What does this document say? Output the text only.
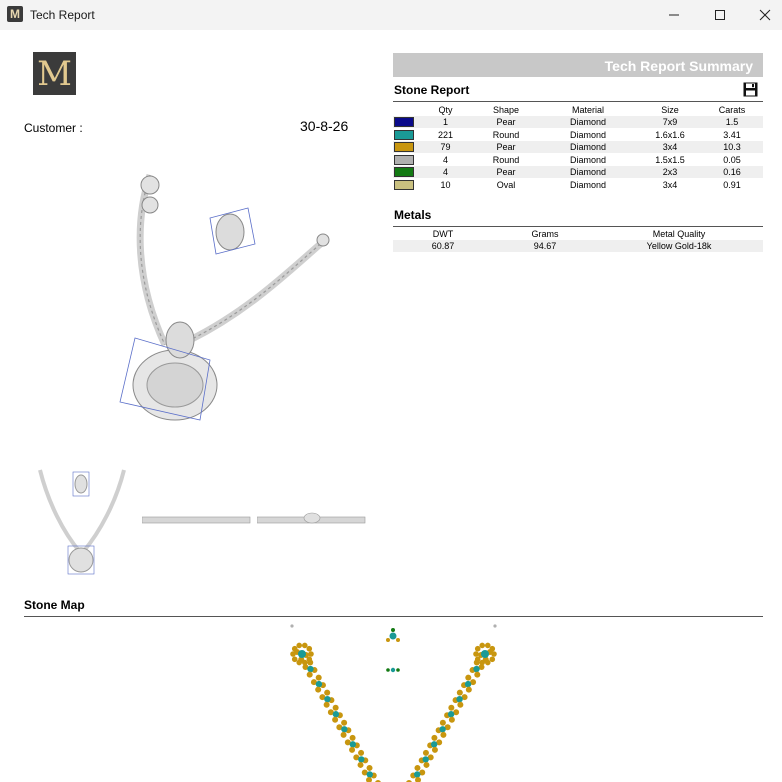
M Tech Report
M
Customer :	30-8-26
Tech Report Summary
Stone Report
Qty	Shape	Material	Size	Carats
1	Pear	Diamond	7x9	1.5
221	Round	Diamond	1.6x1.6	3.41
79	Pear	Diamond	3x4	10.3
4	Round	Diamond	1.5x1.5	0.05
4	Pear	Diamond	2x3	0.16
10	Oval	Diamond	3x4	0.91
Metals
DWT	Grams	Metal Quality
60.87	94.67	Yellow Gold-18k
Stone Map
